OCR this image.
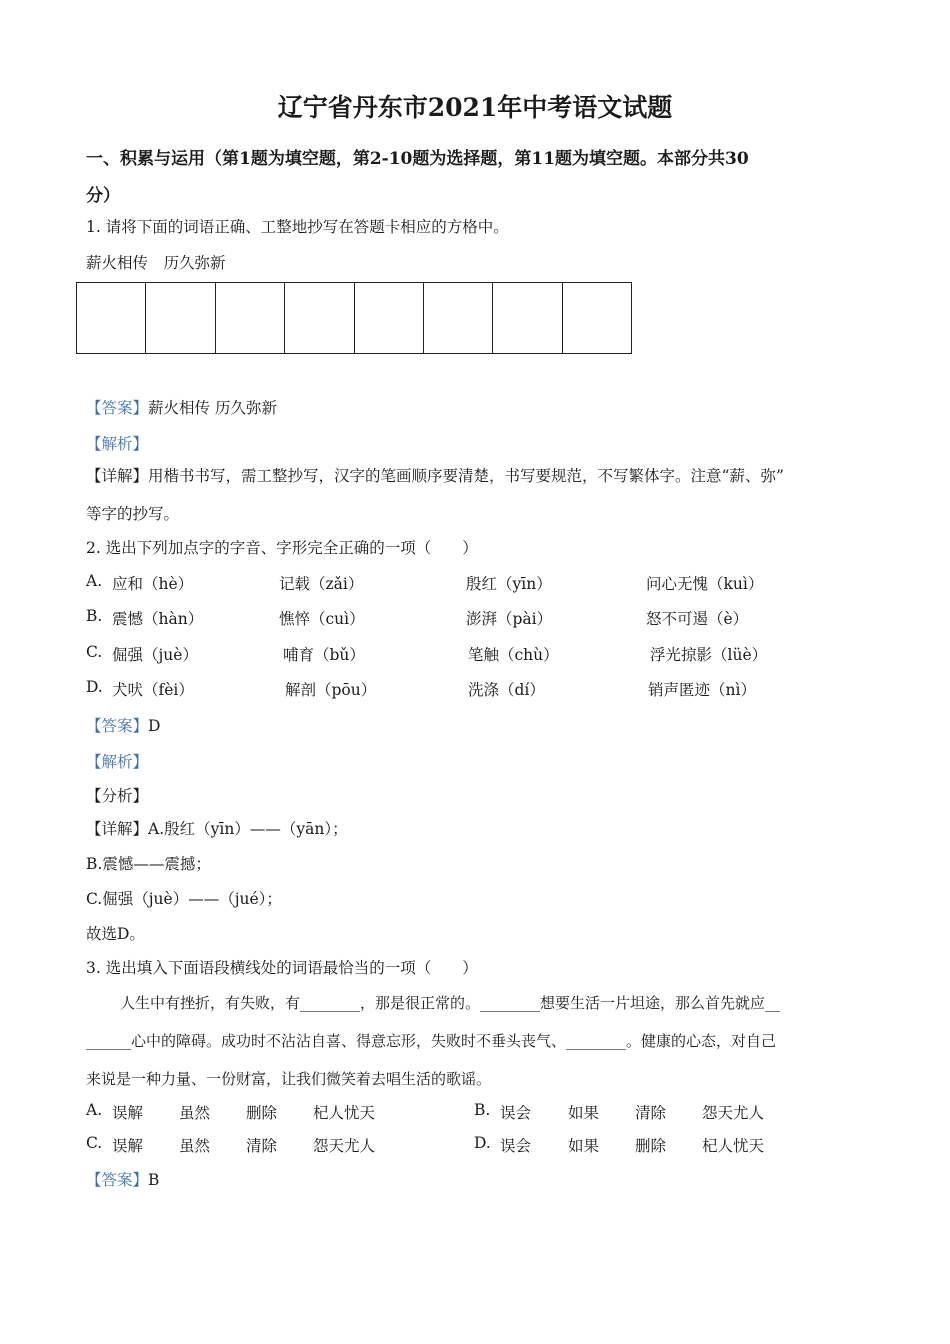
辽宁省丹东市2021年中考语文试题
一、积累与运用（第1题为填空题，第2-10题为选择题，第11题为填空题。本部分共30
分）
1. 请将下面的词语正确、工整地抄写在答题卡相应的方格中。
薪火相传　历久弥新
【答案】薪火相传 历久弥新
【解析】
【详解】用楷书书写，需工整抄写，汉字的笔画顺序要清楚，书写要规范，不写繁体字。注意“薪、弥”
等字的抄写。
2. 选出下列加点字的字音、字形完全正确的一项（　　）
A. 应和（hè）	记载（zǎi）	殷红（yīn）	问心无愧（kuì）
B. 震憾（hàn）	憔悴（cuì）	澎湃（pài）	怒不可遏（è）
C. 倔强（juè）	哺育（bǔ）	笔触（chù）	浮光掠影（lüè）
D. 犬吠（fèi）	解剖（pōu）	洗涤（dí）	销声匿迹（nì）
【答案】D
【解析】
【分析】
【详解】A.殷红（yīn）——（yān）；
B.震憾——震撼；
C.倔强（juè）——（jué）；
故选D。
3. 选出填入下面语段横线处的词语最恰当的一项（　　）
人生中有挫折，有失败，有________，那是很正常的。________想要生活一片坦途，那么首先就应__
______心中的障碍。成功时不沾沾自喜、得意忘形，失败时不垂头丧气、________。健康的心态，对自己
来说是一种力量、一份财富，让我们微笑着去唱生活的歌谣。
A. 误解 虽然 删除 杞人忧天	B. 误会 如果 清除 怨天尤人
C. 误解 虽然 清除 怨天尤人	D. 误会 如果 删除 杞人忧天
【答案】B
